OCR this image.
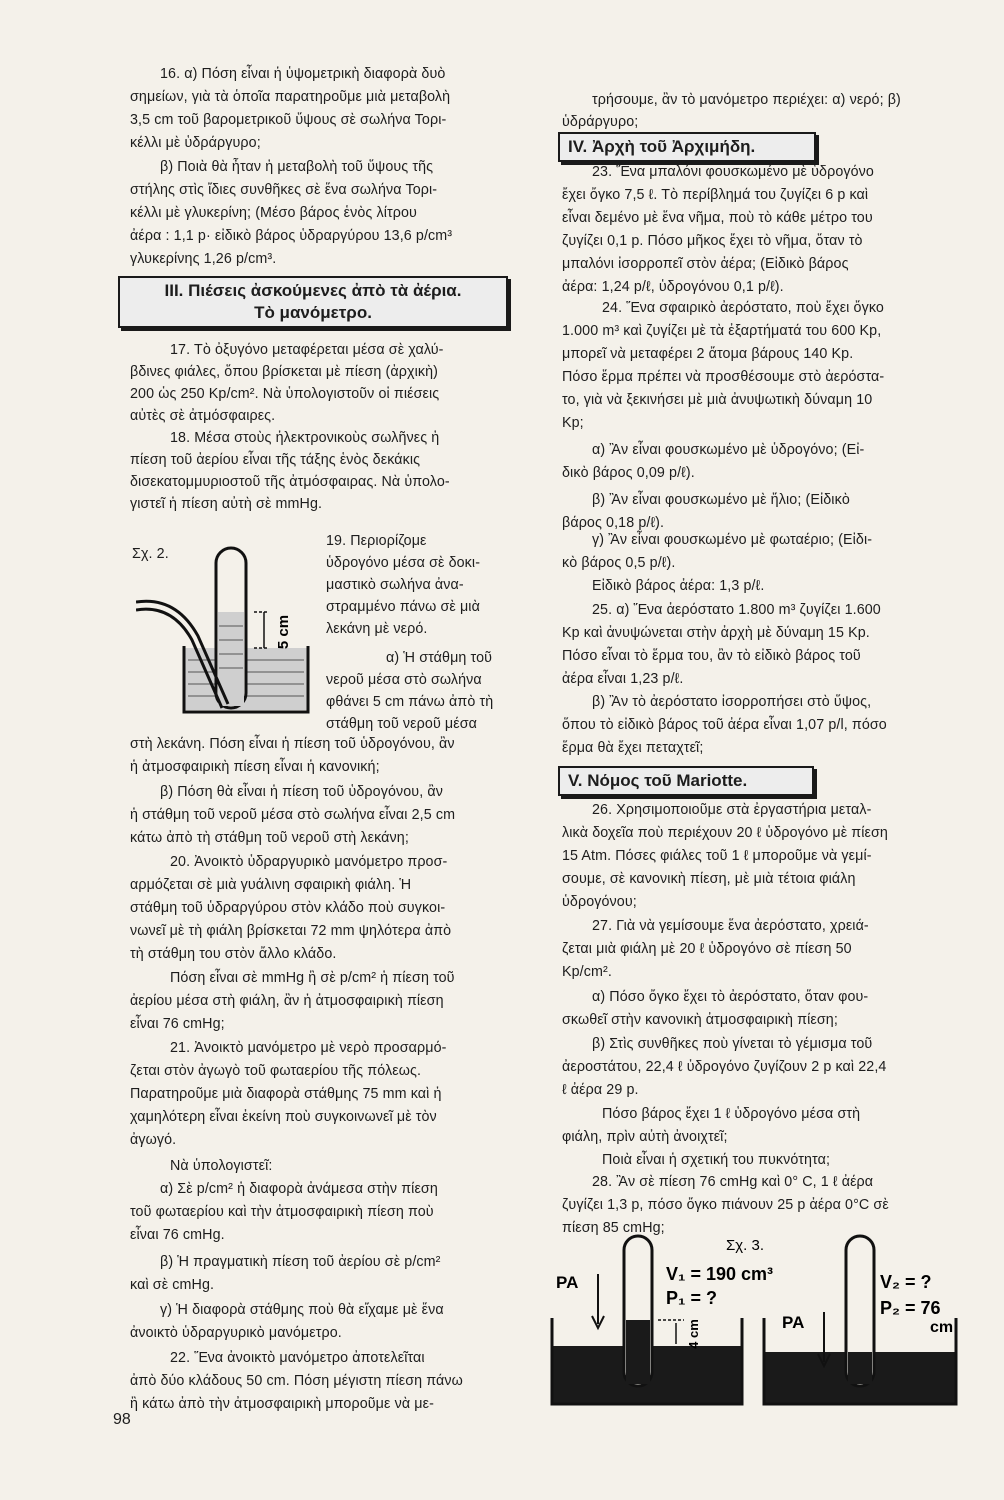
16. α) Πόση εἶναι ἡ ὑψομετρικὴ διαφορὰ δυὸ
σημείων, γιὰ τὰ ὁποῖα παρατηροῦμε μιὰ μεταβολὴ
3,5 cm τοῦ βαρομετρικοῦ ὕψους σὲ σωλήνα Τορι-
κέλλι μὲ ὑδράργυρο;
β) Ποιὰ θὰ ἦταν ἡ μεταβολὴ τοῦ ὕψους τῆς
στήλης στὶς ἴδιες συνθῆκες σὲ ἕνα σωλήνα Τορι-
κέλλι μὲ γλυκερίνη; (Μέσο βάρος ἑνὸς λίτρου
ἀέρα : 1,1 p· εἰδικὸ βάρος ὑδραργύρου 13,6 p/cm³
γλυκερίνης 1,26 p/cm³.
III. Πιέσεις ἀσκούμενες ἀπὸ τὰ ἀέρια.
Τὸ μανόμετρο.
17. Τὸ ὀξυγόνο μεταφέρεται μέσα σὲ χαλύ-
βδινες φιάλες, ὅπου βρίσκεται μὲ πίεση (ἀρχικὴ)
200 ὡς 250 Kp/cm². Νὰ ὑπολογιστοῦν οἱ πιέσεις
αὐτὲς σὲ ἀτμόσφαιρες.
18. Μέσα στοὺς ἠλεκτρονικοὺς σωλῆνες ἡ
πίεση τοῦ ἀερίου εἶναι τῆς τάξης ἑνὸς δεκάκις
δισεκατομμυριοστοῦ τῆς ἀτμόσφαιρας. Νὰ ὑπολο-
γιστεῖ ἡ πίεση αὐτὴ σὲ mmHg.
Σχ. 2.
19. Περιορίζομε
ὑδρογόνο μέσα σὲ δοκι-
μαστικὸ σωλήνα ἀνα-
στραμμένο πάνω σὲ μιὰ
λεκάνη μὲ νερό.
α) Ἡ στάθμη τοῦ
νεροῦ μέσα στὸ σωλήνα
φθάνει 5 cm πάνω ἀπὸ τὴ
στάθμη τοῦ νεροῦ μέσα
5 cm
στὴ λεκάνη. Πόση εἶναι ἡ πίεση τοῦ ὑδρογόνου, ἂν
ἡ ἀτμοσφαιρικὴ πίεση εἶναι ἡ κανονική;
β) Πόση θὰ εἶναι ἡ πίεση τοῦ ὑδρογόνου, ἂν
ἡ στάθμη τοῦ νεροῦ μέσα στὸ σωλήνα εἶναι 2,5 cm
κάτω ἀπὸ τὴ στάθμη τοῦ νεροῦ στὴ λεκάνη;
20. Ἀνοικτὸ ὑδραργυρικὸ μανόμετρο προσ-
αρμόζεται σὲ μιὰ γυάλινη σφαιρικὴ φιάλη. Ἡ
στάθμη τοῦ ὑδραργύρου στὸν κλάδο ποὺ συγκοι-
νωνεῖ μὲ τὴ φιάλη βρίσκεται 72 mm ψηλότερα ἀπὸ
τὴ στάθμη του στὸν ἄλλο κλάδο.
Πόση εἶναι σὲ mmHg ἢ σὲ p/cm² ἡ πίεση τοῦ
ἀερίου μέσα στὴ φιάλη, ἂν ἡ ἀτμοσφαιρικὴ πίεση
εἶναι 76 cmHg;
21. Ἀνοικτὸ μανόμετρο μὲ νερὸ προσαρμό-
ζεται στὸν ἀγωγὸ τοῦ φωταερίου τῆς πόλεως.
Παρατηροῦμε μιὰ διαφορὰ στάθμης 75 mm καὶ ἡ
χαμηλότερη εἶναι ἐκείνη ποὺ συγκοινωνεῖ μὲ τὸν
ἀγωγό.
Νὰ ὑπολογιστεῖ:
α) Σὲ p/cm² ἡ διαφορὰ ἀνάμεσα στὴν πίεση
τοῦ φωταερίου καὶ τὴν ἀτμοσφαιρικὴ πίεση ποὺ
εἶναι 76 cmHg.
β) Ἡ πραγματικὴ πίεση τοῦ ἀερίου σὲ p/cm²
καὶ σὲ cmHg.
γ) Ἡ διαφορὰ στάθμης ποὺ θὰ εἴχαμε μὲ ἕνα
ἀνοικτὸ ὑδραργυρικὸ μανόμετρο.
22. Ἕνα ἀνοικτὸ μανόμετρο ἀποτελεῖται
ἀπὸ δύο κλάδους 50 cm. Πόση μέγιστη πίεση πάνω
ἢ κάτω ἀπὸ τὴν ἀτμοσφαιρικὴ μποροῦμε νὰ με-
τρήσουμε, ἂν τὸ μανόμετρο περιέχει: α) νερό; β)
ὑδράργυρο;
IV. Ἀρχὴ τοῦ Ἀρχιμήδη.
23. Ἕνα μπαλόνι φουσκωμένο μὲ ὑδρογόνο
ἔχει ὄγκο 7,5 ℓ. Τὸ περίβλημά του ζυγίζει 6 p καὶ
εἶναι δεμένο μὲ ἕνα νῆμα, ποὺ τὸ κάθε μέτρο του
ζυγίζει 0,1 p. Πόσο μῆκος ἔχει τὸ νῆμα, ὅταν τὸ
μπαλόνι ἰσορροπεῖ στὸν ἀέρα; (Εἰδικὸ βάρος
ἀέρα: 1,24 p/ℓ, ὑδρογόνου 0,1 p/ℓ).
24. Ἕνα σφαιρικὸ ἀερόστατο, ποὺ ἔχει ὄγκο
1.000 m³ καὶ ζυγίζει μὲ τὰ ἐξαρτήματά του 600 Kp,
μπορεῖ νὰ μεταφέρει 2 ἄτομα βάρους 140 Kp.
Πόσο ἕρμα πρέπει νὰ προσθέσουμε στὸ ἀερόστα-
το, γιὰ νὰ ξεκινήσει μὲ μιὰ ἀνυψωτικὴ δύναμη 10
Kp;
α) Ἂν εἶναι φουσκωμένο μὲ ὑδρογόνο; (Εἰ-
δικὸ βάρος 0,09 p/ℓ).
β) Ἂν εἶναι φουσκωμένο μὲ ἥλιο; (Εἰδικὸ
βάρος 0,18 p/ℓ).
γ) Ἂν εἶναι φουσκωμένο μὲ φωταέριο; (Εἰδι-
κὸ βάρος 0,5 p/ℓ).
Εἰδικὸ βάρος ἀέρα: 1,3 p/ℓ.
25. α) Ἕνα ἀερόστατο 1.800 m³ ζυγίζει 1.600
Kp καὶ ἀνυψώνεται στὴν ἀρχὴ μὲ δύναμη 15 Kp.
Πόσο εἶναι τὸ ἕρμα του, ἂν τὸ εἰδικὸ βάρος τοῦ
ἀέρα εἶναι 1,23 p/ℓ.
β) Ἂν τὸ ἀερόστατο ἰσορροπήσει στὸ ὕψος,
ὅπου τὸ εἰδικὸ βάρος τοῦ ἀέρα εἶναι 1,07 p/l, πόσο
ἕρμα θὰ ἔχει πεταχτεῖ;
V. Νόμος τοῦ Mariotte.
26. Χρησιμοποιοῦμε στὰ ἐργαστήρια μεταλ-
λικὰ δοχεῖα ποὺ περιέχουν 20 ℓ ὑδρογόνο μὲ πίεση
15 Atm. Πόσες φιάλες τοῦ 1 ℓ μποροῦμε νὰ γεμί-
σουμε, σὲ κανονικὴ πίεση, μὲ μιὰ τέτοια φιάλη
ὑδρογόνου;
27. Γιὰ νὰ γεμίσουμε ἕνα ἀερόστατο, χρειά-
ζεται μιὰ φιάλη μὲ 20 ℓ ὑδρογόνο σὲ πίεση 50
Kp/cm².
α) Πόσο ὄγκο ἔχει τὸ ἀερόστατο, ὅταν φου-
σκωθεῖ στὴν κανονικὴ ἀτμοσφαιρικὴ πίεση;
β) Στὶς συνθῆκες ποὺ γίνεται τὸ γέμισμα τοῦ
ἀεροστάτου, 22,4 ℓ ὑδρογόνο ζυγίζουν 2 p καὶ 22,4
ℓ ἀέρα 29 p.
Πόσο βάρος ἔχει 1 ℓ ὑδρογόνο μέσα στὴ
φιάλη, πρὶν αὐτὴ ἀνοιχτεῖ;
Ποιὰ εἶναι ἡ σχετική του πυκνότητα;
28. Ἂν σὲ πίεση 76 cmHg καὶ 0° C, 1 ℓ ἀέρα
ζυγίζει 1,3 p, πόσο ὄγκο πιάνουν 25 p ἀέρα 0°C σὲ
πίεση 85 cmHg;
4 cm
PA
Σχ. 3.
V₁ = 190 cm³
P₁ = ?
PA
V₂ = ?
P₂ = 76
cm
98
